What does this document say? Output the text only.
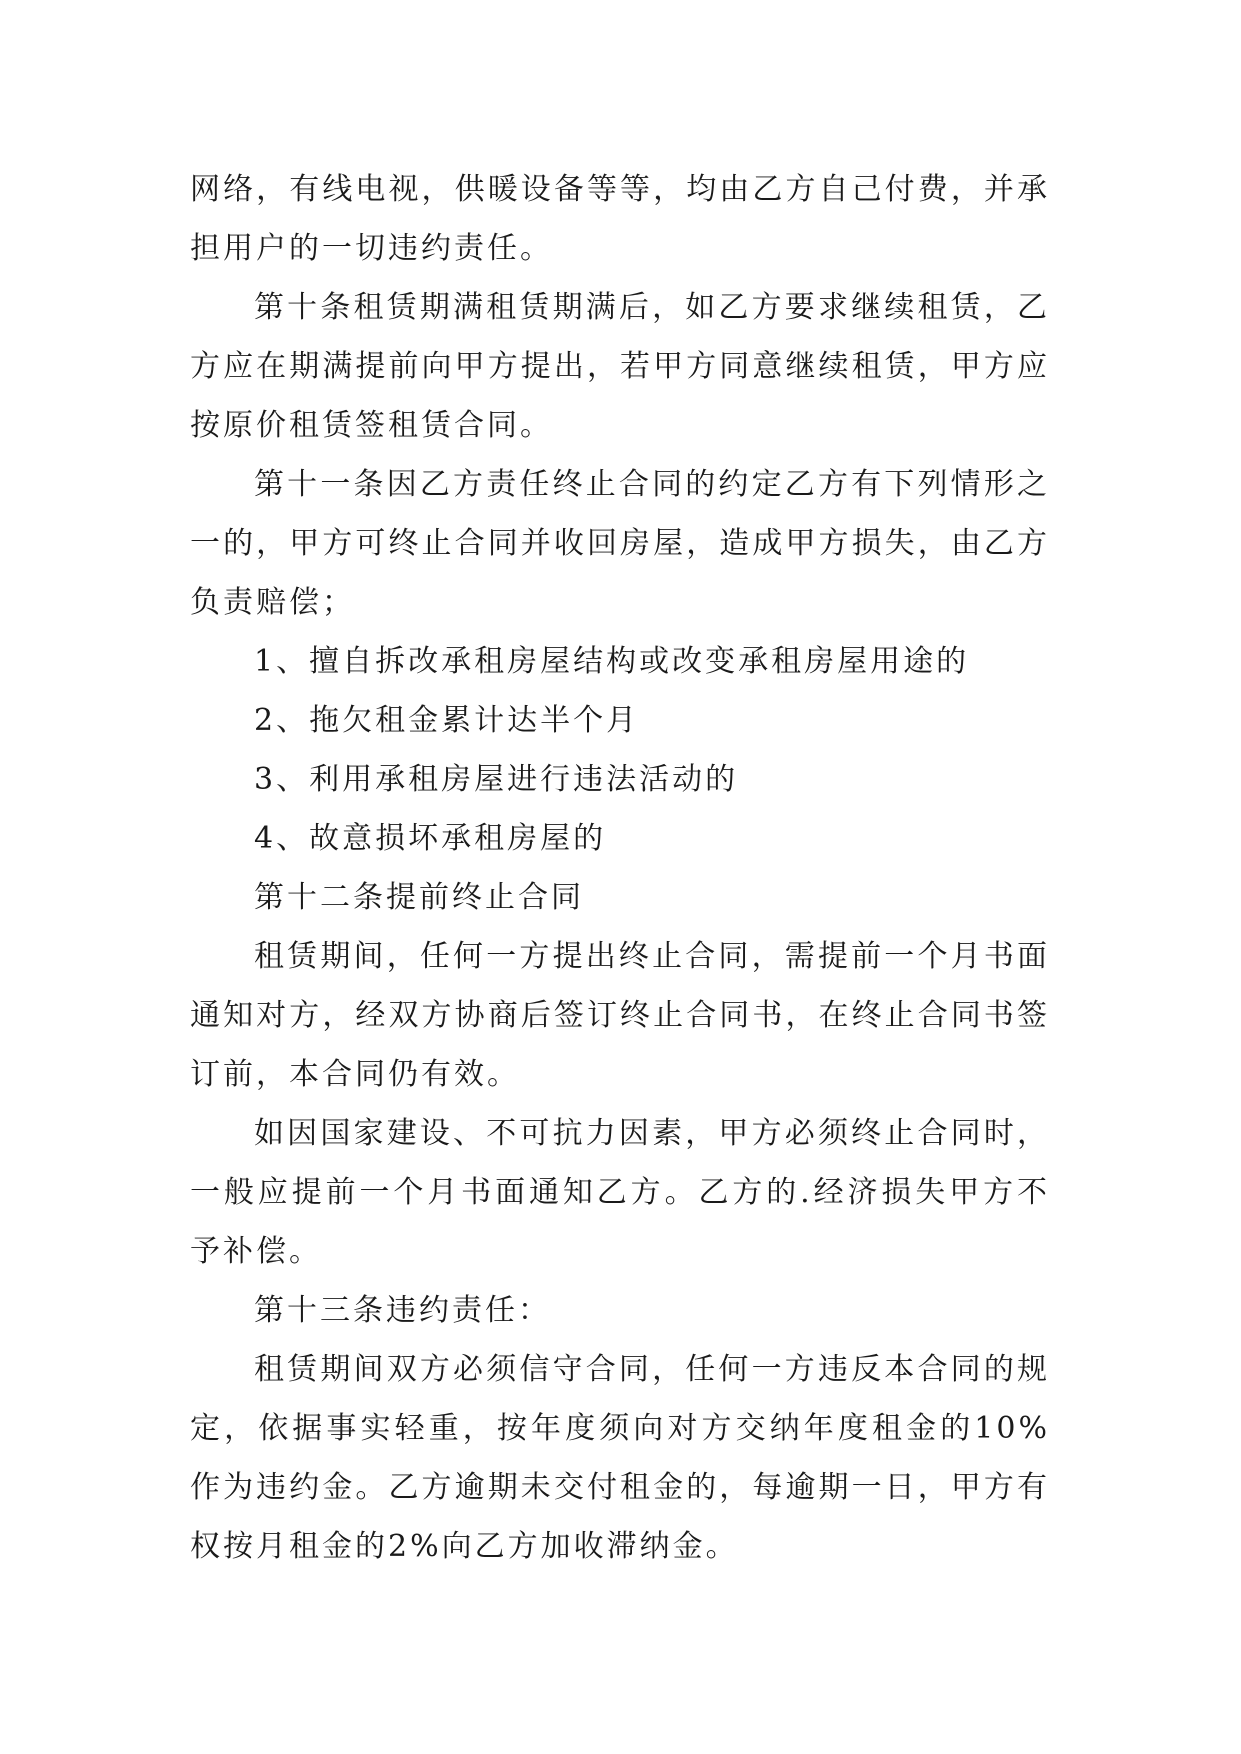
网络，有线电视，供暖设备等等，均由乙方自己付费，并承担用户的一切违约责任。

第十条租赁期满租赁期满后，如乙方要求继续租赁，乙方应在期满提前向甲方提出，若甲方同意继续租赁，甲方应按原价租赁签租赁合同。

第十一条因乙方责任终止合同的约定乙方有下列情形之一的，甲方可终止合同并收回房屋，造成甲方损失，由乙方负责赔偿；

1、擅自拆改承租房屋结构或改变承租房屋用途的

2、拖欠租金累计达半个月

3、利用承租房屋进行违法活动的

4、故意损坏承租房屋的

第十二条提前终止合同

租赁期间，任何一方提出终止合同，需提前一个月书面通知对方，经双方协商后签订终止合同书，在终止合同书签订前，本合同仍有效。

如因国家建设、不可抗力因素，甲方必须终止合同时，一般应提前一个月书面通知乙方。乙方的.经济损失甲方不予补偿。

第十三条违约责任：

租赁期间双方必须信守合同，任何一方违反本合同的规定，依据事实轻重，按年度须向对方交纳年度租金的10%作为违约金。乙方逾期未交付租金的，每逾期一日，甲方有权按月租金的2%向乙方加收滞纳金。
